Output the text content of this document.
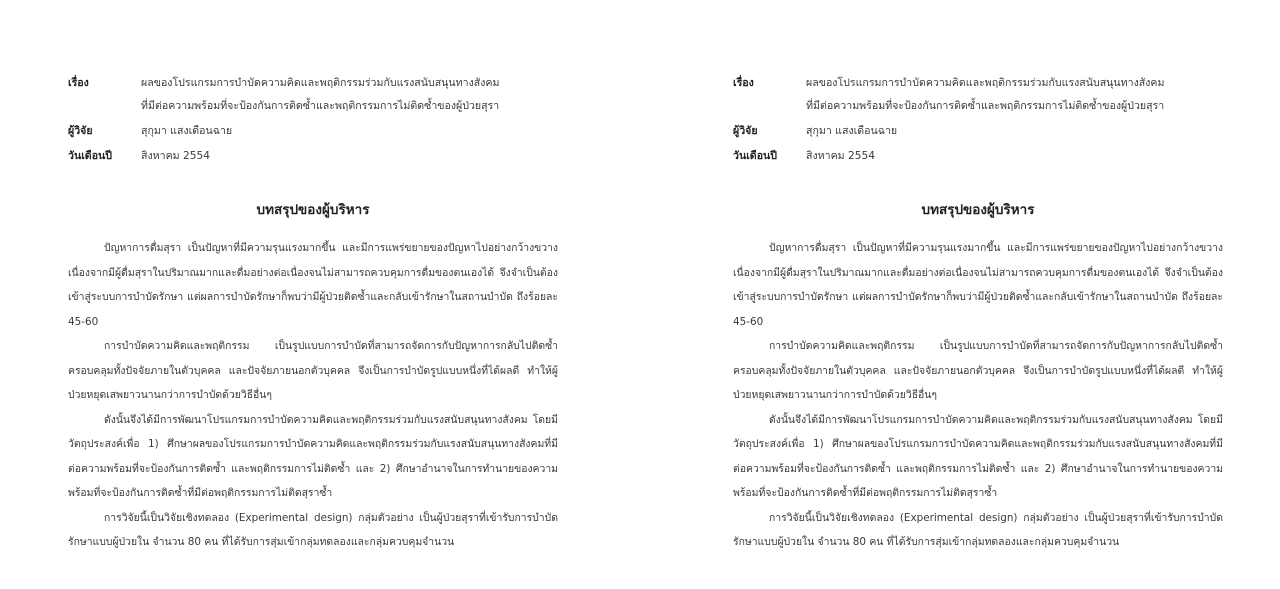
เรื่อง	ผลของโปรแกรมการบำบัดความคิดและพฤติกรรมร่วมกับแรงสนับสนุนทางสังคม
ที่มีต่อความพร้อมที่จะป้องกันการติดซ้ำและพฤติกรรมการไม่ติดซ้ำของผู้ป่วยสุรา
ผู้วิจัย	สุกุมา แสงเดือนฉาย
วันเดือนปี	สิงหาคม 2554
บทสรุปของผู้บริหาร

ปัญหาการดื่มสุรา เป็นปัญหาที่มีความรุนแรงมากขึ้น และมีการแพร่ขยายของปัญหาไปอย่างกว้างขวาง เนื่องจากมีผู้ดื่มสุราในปริมาณมากและดื่มอย่างต่อเนื่องจนไม่สามารถควบคุมการดื่มของตนเองได้ จึงจำเป็นต้องเข้าสู่ระบบการบำบัดรักษา แต่ผลการบำบัดรักษาก็พบว่ามีผู้ป่วยติดซ้ำและกลับเข้ารักษาในสถานบำบัด ถึงร้อยละ 45-60

การบำบัดความคิดและพฤติกรรม เป็นรูปแบบการบำบัดที่สามารถจัดการกับปัญหาการกลับไปติดซ้ำครอบคลุมทั้งปัจจัยภายในตัวบุคคล และปัจจัยภายนอกตัวบุคคล จึงเป็นการบำบัดรูปแบบหนึ่งที่ได้ผลดี ทำให้ผู้ป่วยหยุดเสพยาวนานกว่าการบำบัดด้วยวิธีอื่นๆ

ดังนั้นจึงได้มีการพัฒนาโปรแกรมการบำบัดความคิดและพฤติกรรมร่วมกับแรงสนับสนุนทางสังคม โดยมีวัตถุประสงค์เพื่อ 1) ศึกษาผลของโปรแกรมการบำบัดความคิดและพฤติกรรมร่วมกับแรงสนับสนุนทางสังคมที่มีต่อความพร้อมที่จะป้องกันการติดซ้ำ และพฤติกรรมการไม่ติดซ้ำ และ 2) ศึกษาอำนาจในการทำนายของความพร้อมที่จะป้องกันการติดซ้ำที่มีต่อพฤติกรรมการไม่ติดสุราซ้ำ

การวิจัยนี้เป็นวิจัยเชิงทดลอง (Experimental design) กลุ่มตัวอย่าง เป็นผู้ป่วยสุราที่เข้ารับการบำบัดรักษาแบบผู้ป่วยใน จำนวน 80 คน ที่ได้รับการสุ่มเข้ากลุ่มทดลองและกลุ่มควบคุมจำนวน

เรื่อง	ผลของโปรแกรมการบำบัดความคิดและพฤติกรรมร่วมกับแรงสนับสนุนทางสังคม
ที่มีต่อความพร้อมที่จะป้องกันการติดซ้ำและพฤติกรรมการไม่ติดซ้ำของผู้ป่วยสุรา
ผู้วิจัย	สุกุมา แสงเดือนฉาย
วันเดือนปี	สิงหาคม 2554
บทสรุปของผู้บริหาร

ปัญหาการดื่มสุรา เป็นปัญหาที่มีความรุนแรงมากขึ้น และมีการแพร่ขยายของปัญหาไปอย่างกว้างขวาง เนื่องจากมีผู้ดื่มสุราในปริมาณมากและดื่มอย่างต่อเนื่องจนไม่สามารถควบคุมการดื่มของตนเองได้ จึงจำเป็นต้องเข้าสู่ระบบการบำบัดรักษา แต่ผลการบำบัดรักษาก็พบว่ามีผู้ป่วยติดซ้ำและกลับเข้ารักษาในสถานบำบัด ถึงร้อยละ 45-60

การบำบัดความคิดและพฤติกรรม เป็นรูปแบบการบำบัดที่สามารถจัดการกับปัญหาการกลับไปติดซ้ำครอบคลุมทั้งปัจจัยภายในตัวบุคคล และปัจจัยภายนอกตัวบุคคล จึงเป็นการบำบัดรูปแบบหนึ่งที่ได้ผลดี ทำให้ผู้ป่วยหยุดเสพยาวนานกว่าการบำบัดด้วยวิธีอื่นๆ

ดังนั้นจึงได้มีการพัฒนาโปรแกรมการบำบัดความคิดและพฤติกรรมร่วมกับแรงสนับสนุนทางสังคม โดยมีวัตถุประสงค์เพื่อ 1) ศึกษาผลของโปรแกรมการบำบัดความคิดและพฤติกรรมร่วมกับแรงสนับสนุนทางสังคมที่มีต่อความพร้อมที่จะป้องกันการติดซ้ำ และพฤติกรรมการไม่ติดซ้ำ และ 2) ศึกษาอำนาจในการทำนายของความพร้อมที่จะป้องกันการติดซ้ำที่มีต่อพฤติกรรมการไม่ติดสุราซ้ำ

การวิจัยนี้เป็นวิจัยเชิงทดลอง (Experimental design) กลุ่มตัวอย่าง เป็นผู้ป่วยสุราที่เข้ารับการบำบัดรักษาแบบผู้ป่วยใน จำนวน 80 คน ที่ได้รับการสุ่มเข้ากลุ่มทดลองและกลุ่มควบคุมจำนวน
